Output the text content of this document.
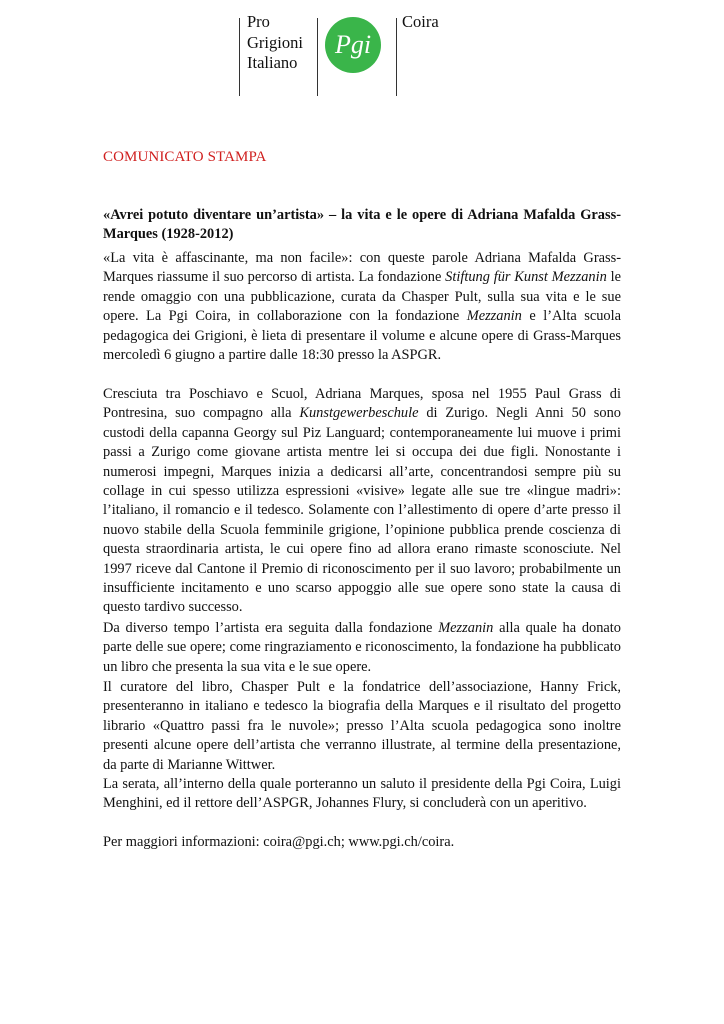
Pro
Grigioni
Italiano
Pgi
Coira
COMUNICATO STAMPA
«Avrei potuto diventare un’artista» – la vita e le opere di Adriana Mafalda Grass-Marques (1928-2012)

«La vita è affascinante, ma non facile»: con queste parole Adriana Mafalda Grass-Marques riassume il suo percorso di artista. La fondazione Stiftung für Kunst Mezzanin le rende omaggio con una pubblicazione, curata da Chasper Pult, sulla sua vita e le sue opere. La Pgi Coira, in collaborazione con la fondazione Mezzanin e l’Alta scuola pedagogica dei Grigioni, è lieta di presentare il volume e alcune opere di Grass-Marques mercoledì 6 giugno a partire dalle 18:30 presso la ASPGR.

Cresciuta tra Poschiavo e Scuol, Adriana Marques, sposa nel 1955 Paul Grass di Pontresina, suo compagno alla Kunstgewerbeschule di Zurigo. Negli Anni 50 sono custodi della capanna Georgy sul Piz Languard; contemporaneamente lui muove i primi passi a Zurigo come giovane artista mentre lei si occupa dei due figli. Nonostante i numerosi impegni, Marques inizia a dedicarsi all’arte, concentrandosi sempre più su collage in cui spesso utilizza espressioni «visive» legate alle sue tre «lingue madri»: l’italiano, il romancio e il tedesco. Solamente con l’allestimento di opere d’arte presso il nuovo stabile della Scuola femminile grigione, l’opinione pubblica prende coscienza di questa straordinaria artista, le cui opere fino ad allora erano rimaste sconosciute. Nel 1997 riceve dal Cantone il Premio di riconoscimento per il suo lavoro; probabilmente un insufficiente incitamento e uno scarso appoggio alle sue opere sono state la causa di questo tardivo successo.

Da diverso tempo l’artista era seguita dalla fondazione Mezzanin alla quale ha donato parte delle sue opere; come ringraziamento e riconoscimento, la fondazione ha pubblicato un libro che presenta la sua vita e le sue opere.

Il curatore del libro, Chasper Pult e la fondatrice dell’associazione, Hanny Frick, presenteranno in italiano e tedesco la biografia della Marques e il risultato del progetto librario «Quattro passi fra le nuvole»; presso l’Alta scuola pedagogica sono inoltre presenti alcune opere dell’artista che verranno illustrate, al termine della presentazione, da parte di Marianne Wittwer.

La serata, all’interno della quale porteranno un saluto il presidente della Pgi Coira, Luigi Menghini, ed il rettore dell’ASPGR, Johannes Flury, si concluderà con un aperitivo.

Per maggiori informazioni: coira@pgi.ch; www.pgi.ch/coira.
